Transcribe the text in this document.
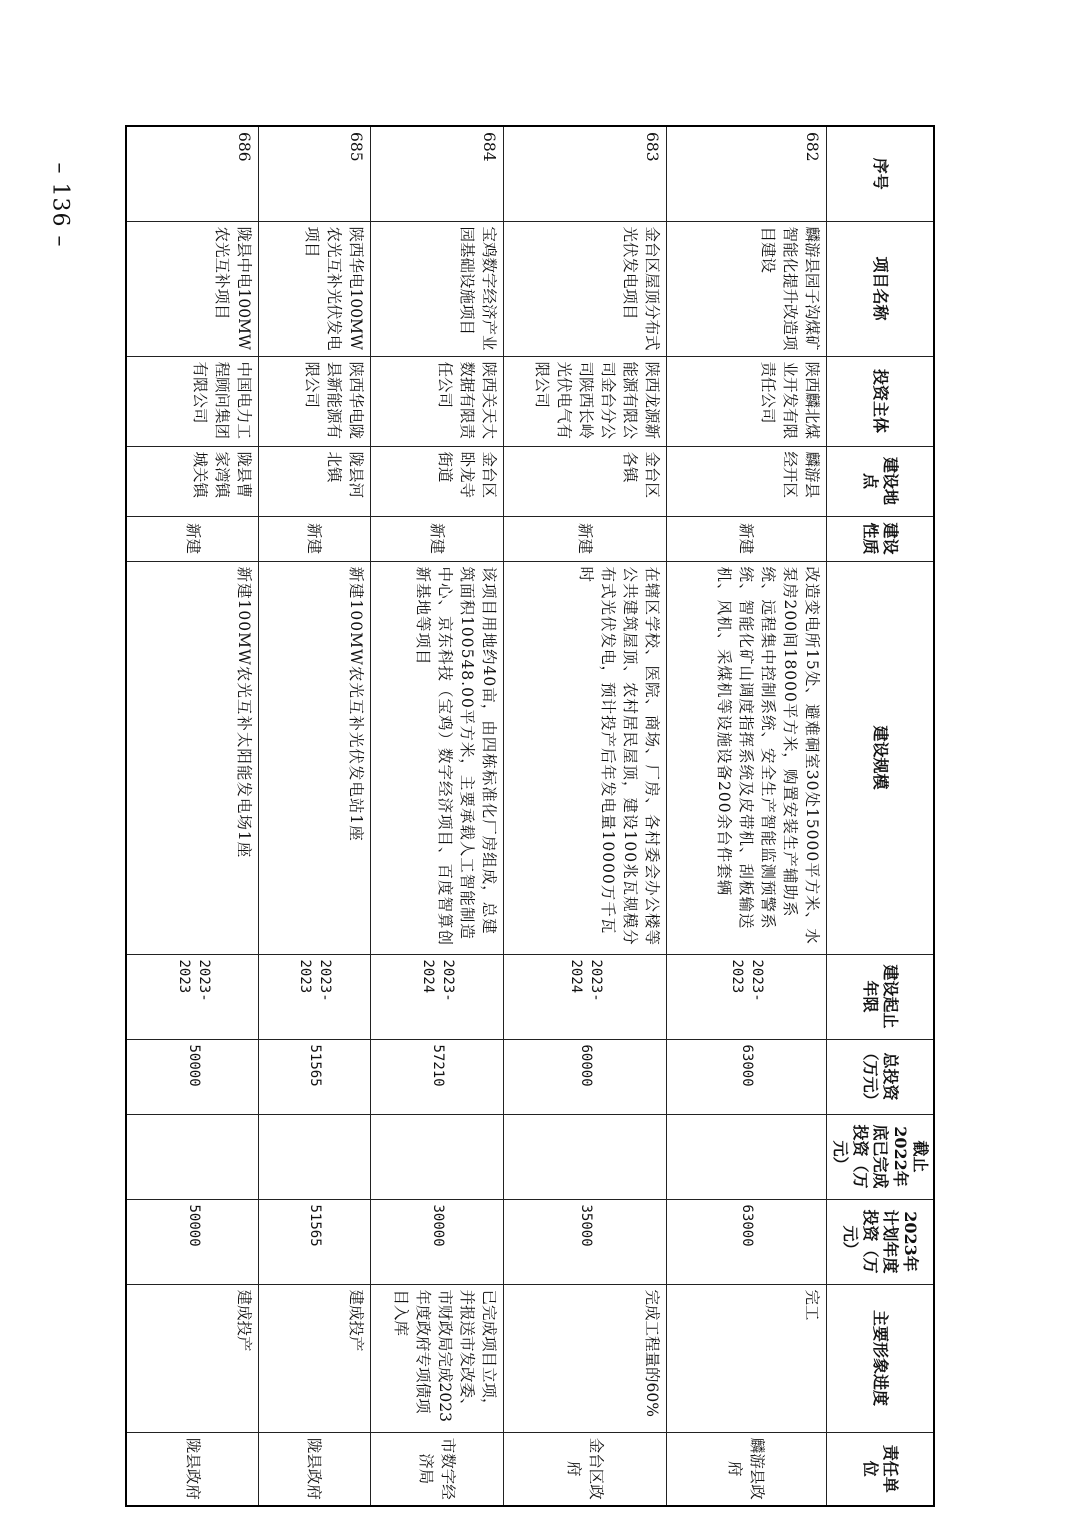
– 136 –	序号	项目名称	投资主体	建设地点	建设性质	建设规模	建设起止年限	总投资（万元）	截止2022年底已完成投资（万元）	2023年计划年度投资（万元）	主要形象进度	责任单位
682	麟游县园子沟煤矿智能化提升改造项目建设	陕西麟北煤业开发有限责任公司	麟游县经开区	新建	改造变电所15处、避难硐室30处15000平方米、水泵房200间18000平方米，购置安装生产辅助系统、远程集中控制系统、安全生产智能监测预警系统、智能化矿山调度指挥系统及皮带机、刮板输送机、风机、采煤机等设施设备200余台件套辆	2023-2023	63000		63000	完工	麟游县政府
683	金台区屋顶分布式光伏发电项目	陕西龙源新能源有限公司金台分公司陕西长岭光伏电气有限公司	金台区各镇	新建	在辖区学校、医院、商场、厂房、各村委会办公楼等公共建筑屋顶、农村居民屋顶，建设100兆瓦规模分布式光伏发电，预计投产后年发电量10000万千瓦时	2023-2024	60000		35000	完成工程量的60%	金台区政府
684	宝鸡数字经济产业园基础设施项目	陕西关天大数据有限责任公司	金台区卧龙寺街道	新建	该项目用地约40亩，由四栋标准化厂房组成，总建筑面积100548.00平方米，主要承载人工智能制造中心、京东科技（宝鸡）数字经济项目、百度智算创新基地等项目	2023-2024	57210		30000	已完成项目立项，并报送市发改委、市财政局完成2023年度政府专项债项目入库	市数字经济局
685	陕西华电100MW农光互补光伏发电项目	陕西华电陇县新能源有限公司	陇县河北镇	新建	新建100MW农光互补光伏发电站1座	2023-2023	51565		51565	建成投产	陇县政府
686	陇县中电100MW农光互补项目	中国电力工程顾问集团有限公司	陇县曹家湾镇城关镇	新建	新建100MW农光互补太阳能发电场1座	2023-2023	50000		50000	建成投产	陇县政府
